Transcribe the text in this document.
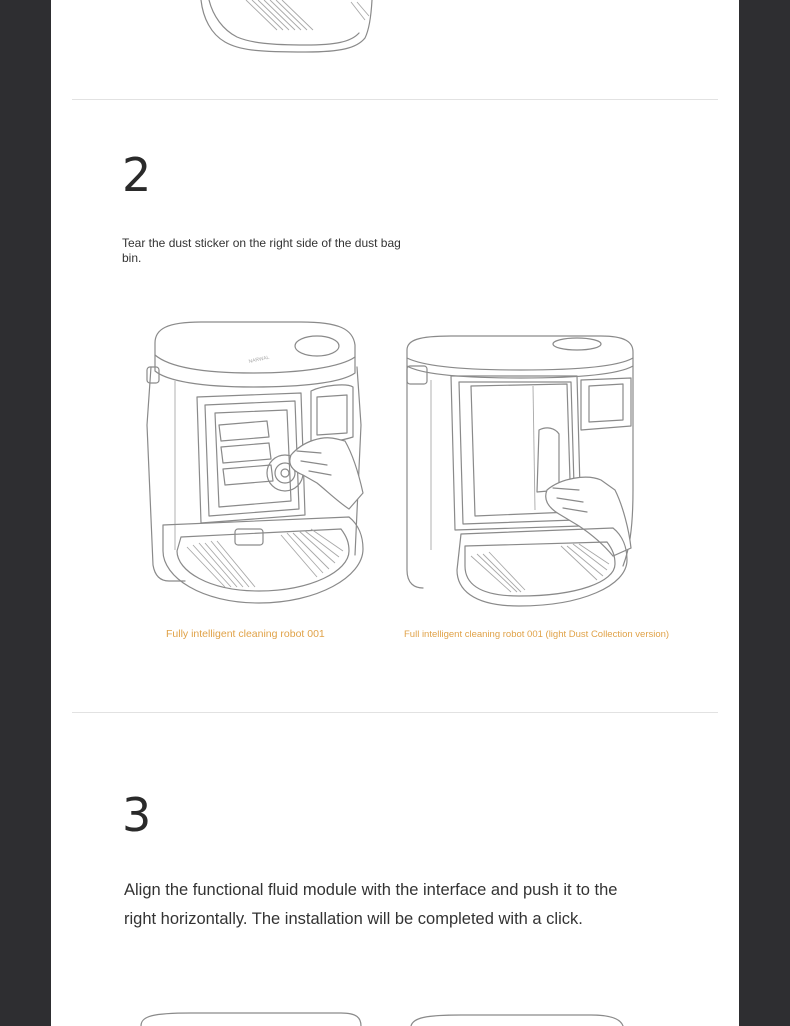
2
Tear the dust sticker on the right side of the dust bag bin.
NARWAL
Fully intelligent cleaning robot 001	Full intelligent cleaning robot 001 (light Dust Collection version)
3
Align the functional fluid module with the interface and push it to the right horizontally. The installation will be completed with a click.
